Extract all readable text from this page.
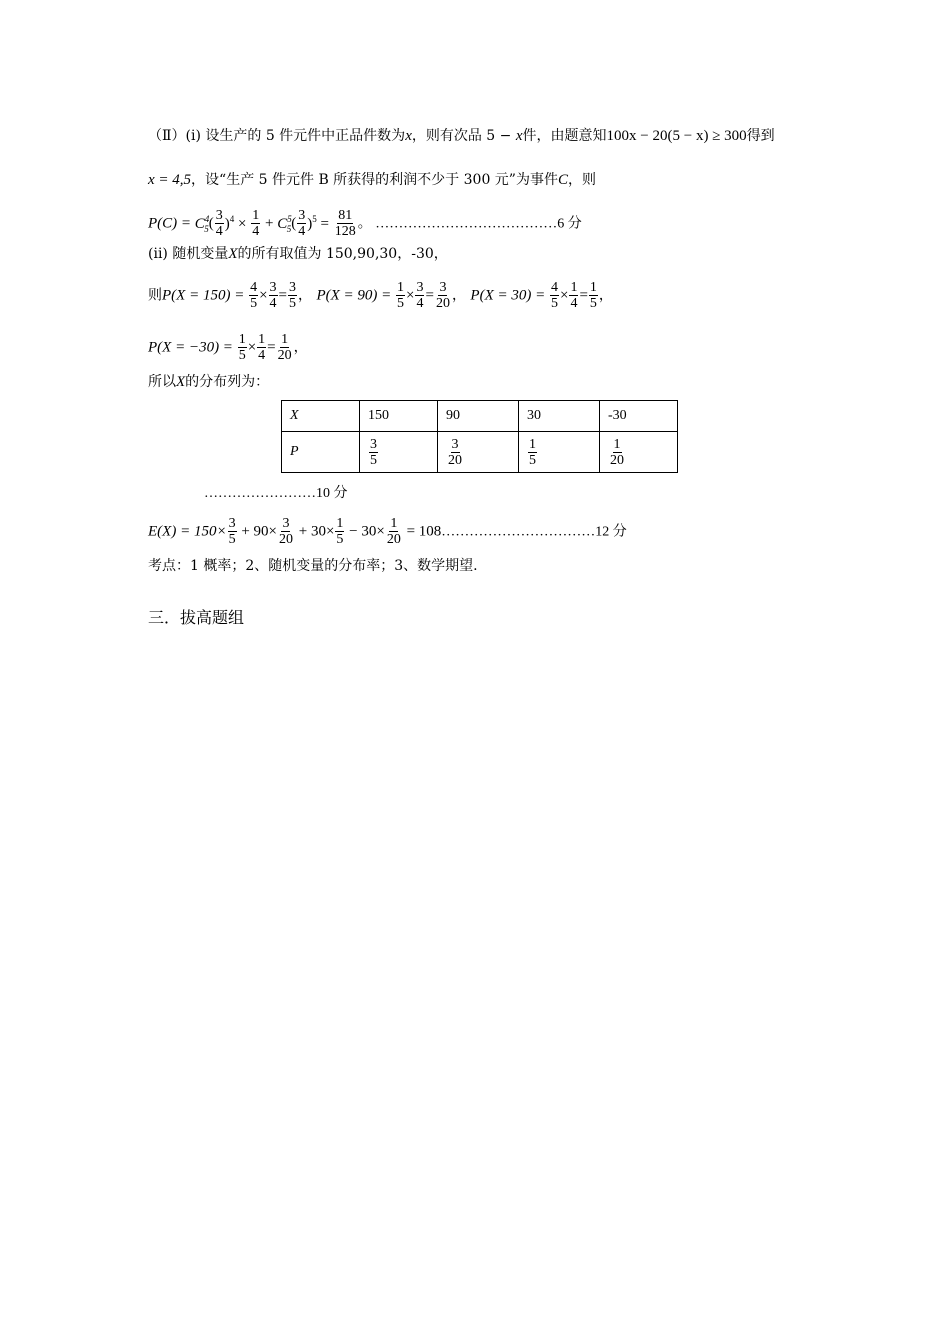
（Ⅱ）(ⅰ) 设生产的 5 件元件中正品件数为x，则有次品 5 − x件，由题意知100x − 20(5 − x) ≥ 300得到
x = 4,5，设“生产 5 件元件 B 所获得的利润不少于 300 元”为事件C，则
$P(C) = C^4_5( \frac{3}{4} )^4 \times \frac{1}{4} + C^5_5( \frac{3}{4} )^5 = \frac{81}{128}$ 。 …………………………………6 分
(ⅱ) 随机变量X的所有取值为 150,90,30，-30，
则$P(X = 150) = \frac{4}{5} \times \frac{3}{4} = \frac{3}{5}$ ， $P(X = 90) = \frac{1}{5} \times \frac{3}{4} = \frac{3}{20}$ ， $P(X = 30) = \frac{4}{5} \times \frac{1}{4} = \frac{1}{5}$ ，
$P(X = -30) = \frac{1}{5} \times \frac{1}{4} = \frac{1}{20}$ ，
所以X的分布列为：
X	150	90	30	-30
P	$\frac{3}{5}$	$\frac{3}{20}$	$\frac{1}{5}$	$\frac{1}{20}$
……………………10 分
$E(X) = 150\times \frac{3}{5} + 90\times \frac{3}{20} + 30\times \frac{1}{5} - 30\times \frac{1}{20}$ = 108……………………………12 分
考点：1 概率；2、随机变量的分布率；3、数学期望.
三．拔高题组
